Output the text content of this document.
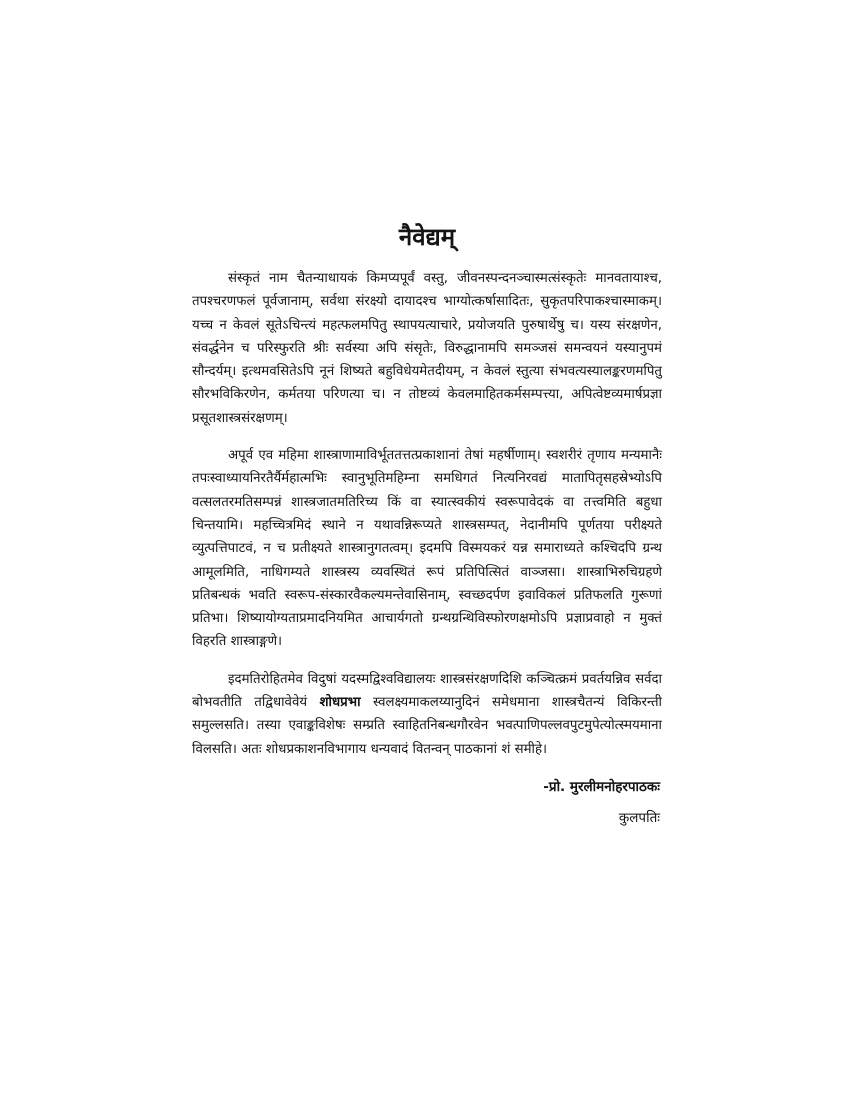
नैवेद्यम्

संस्कृतं नाम चैतन्याधायकं किमप्यपूर्वं वस्तु, जीवनस्पन्दनञ्चास्मत्संस्कृतेः मानवतायाश्च, तपश्चरणफलं पूर्वजानाम्, सर्वथा संरक्ष्यो दायादश्च भाग्योत्कर्षासादितः, सुकृतपरिपाकश्चास्माकम्। यच्च न केवलं सूतेऽचिन्त्यं महत्फलमपितु स्थापयत्याचारे, प्रयोजयति पुरुषार्थेषु च। यस्य संरक्षणेन, संवर्द्धनेन च परिस्फुरति श्रीः सर्वस्या अपि संसृतेः, विरुद्धानामपि समञ्जसं समन्वयनं यस्यानुपमं सौन्दर्यम्। इत्थमवसितेऽपि नूनं शिष्यते बहुविधेयमेतदीयम्, न केवलं स्तुत्या संभवत्यस्यालङ्करणमपितु सौरभविकिरणेन, कर्मतया परिणत्या च। न तोष्टव्यं केवलमाहितकर्मसम्पत्त्या, अपित्वेष्टव्यमार्षप्रज्ञा प्रसूतशास्त्रसंरक्षणम्।

अपूर्व एव महिमा शास्त्राणामाविर्भूततत्तत्प्रकाशानां तेषां महर्षीणाम्। स्वशरीरं तृणाय मन्यमानैः तपःस्वाध्यायनिरतैर्यैर्महात्मभिः स्वानुभूतिमहिम्ना समधिगतं नित्यनिरवद्यं मातापितृसहस्रेभ्योऽपि वत्सलतरमतिसम्पन्नं शास्त्रजातमतिरिच्य किं वा स्यात्स्वकीयं स्वरूपावेदकं वा तत्त्वमिति बहुधा चिन्तयामि। महच्चित्रमिदं स्थाने न यथावन्निरूप्यते शास्त्रसम्पत्, नेदानीमपि पूर्णतया परीक्ष्यते व्युत्पत्तिपाटवं, न च प्रतीक्ष्यते शास्त्रानुगतत्वम्। इदमपि विस्मयकरं यन्न समाराध्यते कश्चिदपि ग्रन्थ आमूलमिति, नाधिगम्यते शास्त्रस्य व्यवस्थितं रूपं प्रतिपित्सितं वाञ्जसा। शास्त्राभिरुचिग्रहणे प्रतिबन्धकं भवति स्वरूप-संस्कारवैकल्यमन्तेवासिनाम्, स्वच्छदर्पण इवाविकलं प्रतिफलति गुरूणां प्रतिभा। शिष्यायोग्यताप्रमादनियमित आचार्यगतो ग्रन्थग्रन्थिविस्फोरणक्षमोऽपि प्रज्ञाप्रवाहो न मुक्तं विहरति शास्त्राङ्गणे।

इदमतिरोहितमेव विदुषां यदस्मद्विश्वविद्यालयः शास्त्रसंरक्षणदिशि कञ्चित्क्रमं प्रवर्तयन्निव सर्वदा बोभवतीति तद्विधावेवेयं शोधप्रभा स्वलक्ष्यमाकलय्यानुदिनं समेधमाना शास्त्रचैतन्यं विकिरन्ती समुल्लसति। तस्या एवाङ्कविशेषः सम्प्रति स्वाहितनिबन्धगौरवेन भवत्पाणिपल्लवपुटमुपेत्योत्स्मयमाना विलसति। अतः शोधप्रकाशनविभागाय धन्यवादं वितन्वन् पाठकानां शं समीहे।

-प्रो. मुरलीमनोहरपाठकः

कुलपतिः
